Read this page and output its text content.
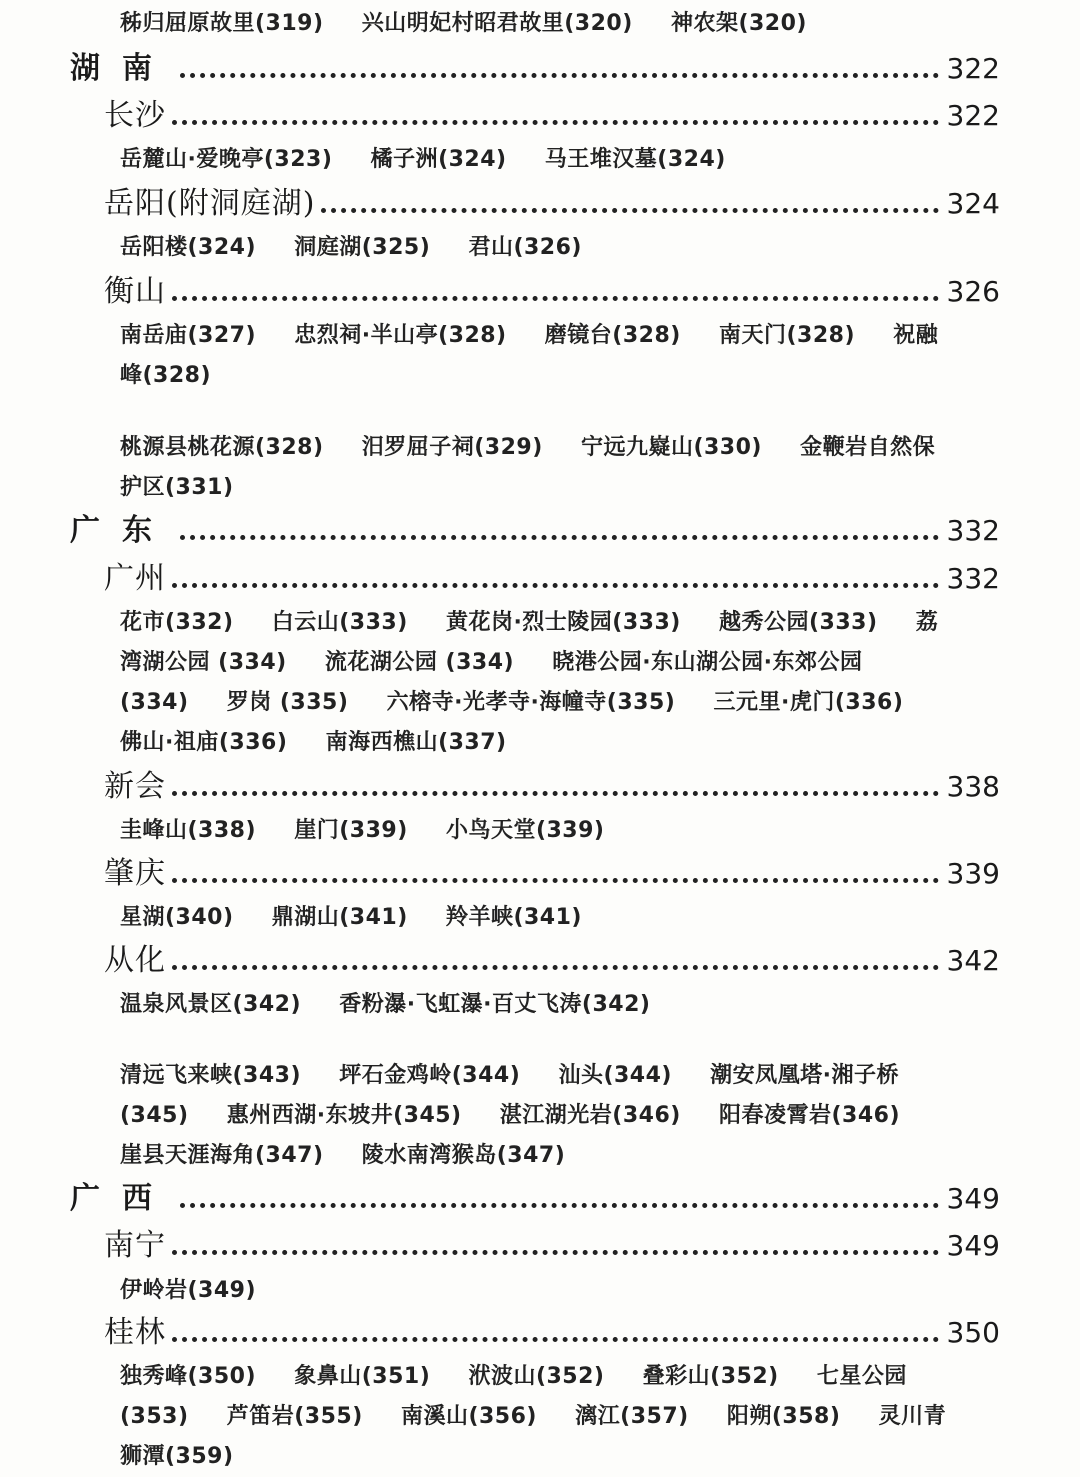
秭归屈原故里(319) 兴山明妃村昭君故里(320) 神农架(320)
湖南	322
长沙	322
岳麓山·爱晚亭(323) 橘子洲(324) 马王堆汉墓(324)
岳阳(附洞庭湖)	324
岳阳楼(324) 洞庭湖(325) 君山(326)
衡山	326
南岳庙(327) 忠烈祠·半山亭(328) 磨镜台(328) 南天门(328) 祝融峰(328)
桃源县桃花源(328) 汨罗屈子祠(329) 宁远九嶷山(330) 金鞭岩自然保护区(331)
广东	332
广州	332
花市(332) 白云山(333) 黄花岗·烈士陵园(333) 越秀公园(333) 荔湾湖公园 (334) 流花湖公园 (334) 晓港公园·东山湖公园·东郊公园(334) 罗岗 (335) 六榕寺·光孝寺·海幢寺(335) 三元里·虎门(336) 佛山·祖庙(336) 南海西樵山(337)
新会	338
圭峰山(338) 崖门(339) 小鸟天堂(339)
肇庆	339
星湖(340) 鼎湖山(341) 羚羊峡(341)
从化	342
温泉风景区(342) 香粉瀑·飞虹瀑·百丈飞涛(342)
清远飞来峡(343) 坪石金鸡岭(344) 汕头(344) 潮安凤凰塔·湘子桥(345) 惠州西湖·东坡井(345) 湛江湖光岩(346) 阳春凌霄岩(346) 崖县天涯海角(347) 陵水南湾猴岛(347)
广西	349
南宁	349
伊岭岩(349)
桂林	350
独秀峰(350) 象鼻山(351) 洑波山(352) 叠彩山(352) 七星公园(353) 芦笛岩(355) 南溪山(356) 漓江(357) 阳朔(358) 灵川青狮潭(359)
